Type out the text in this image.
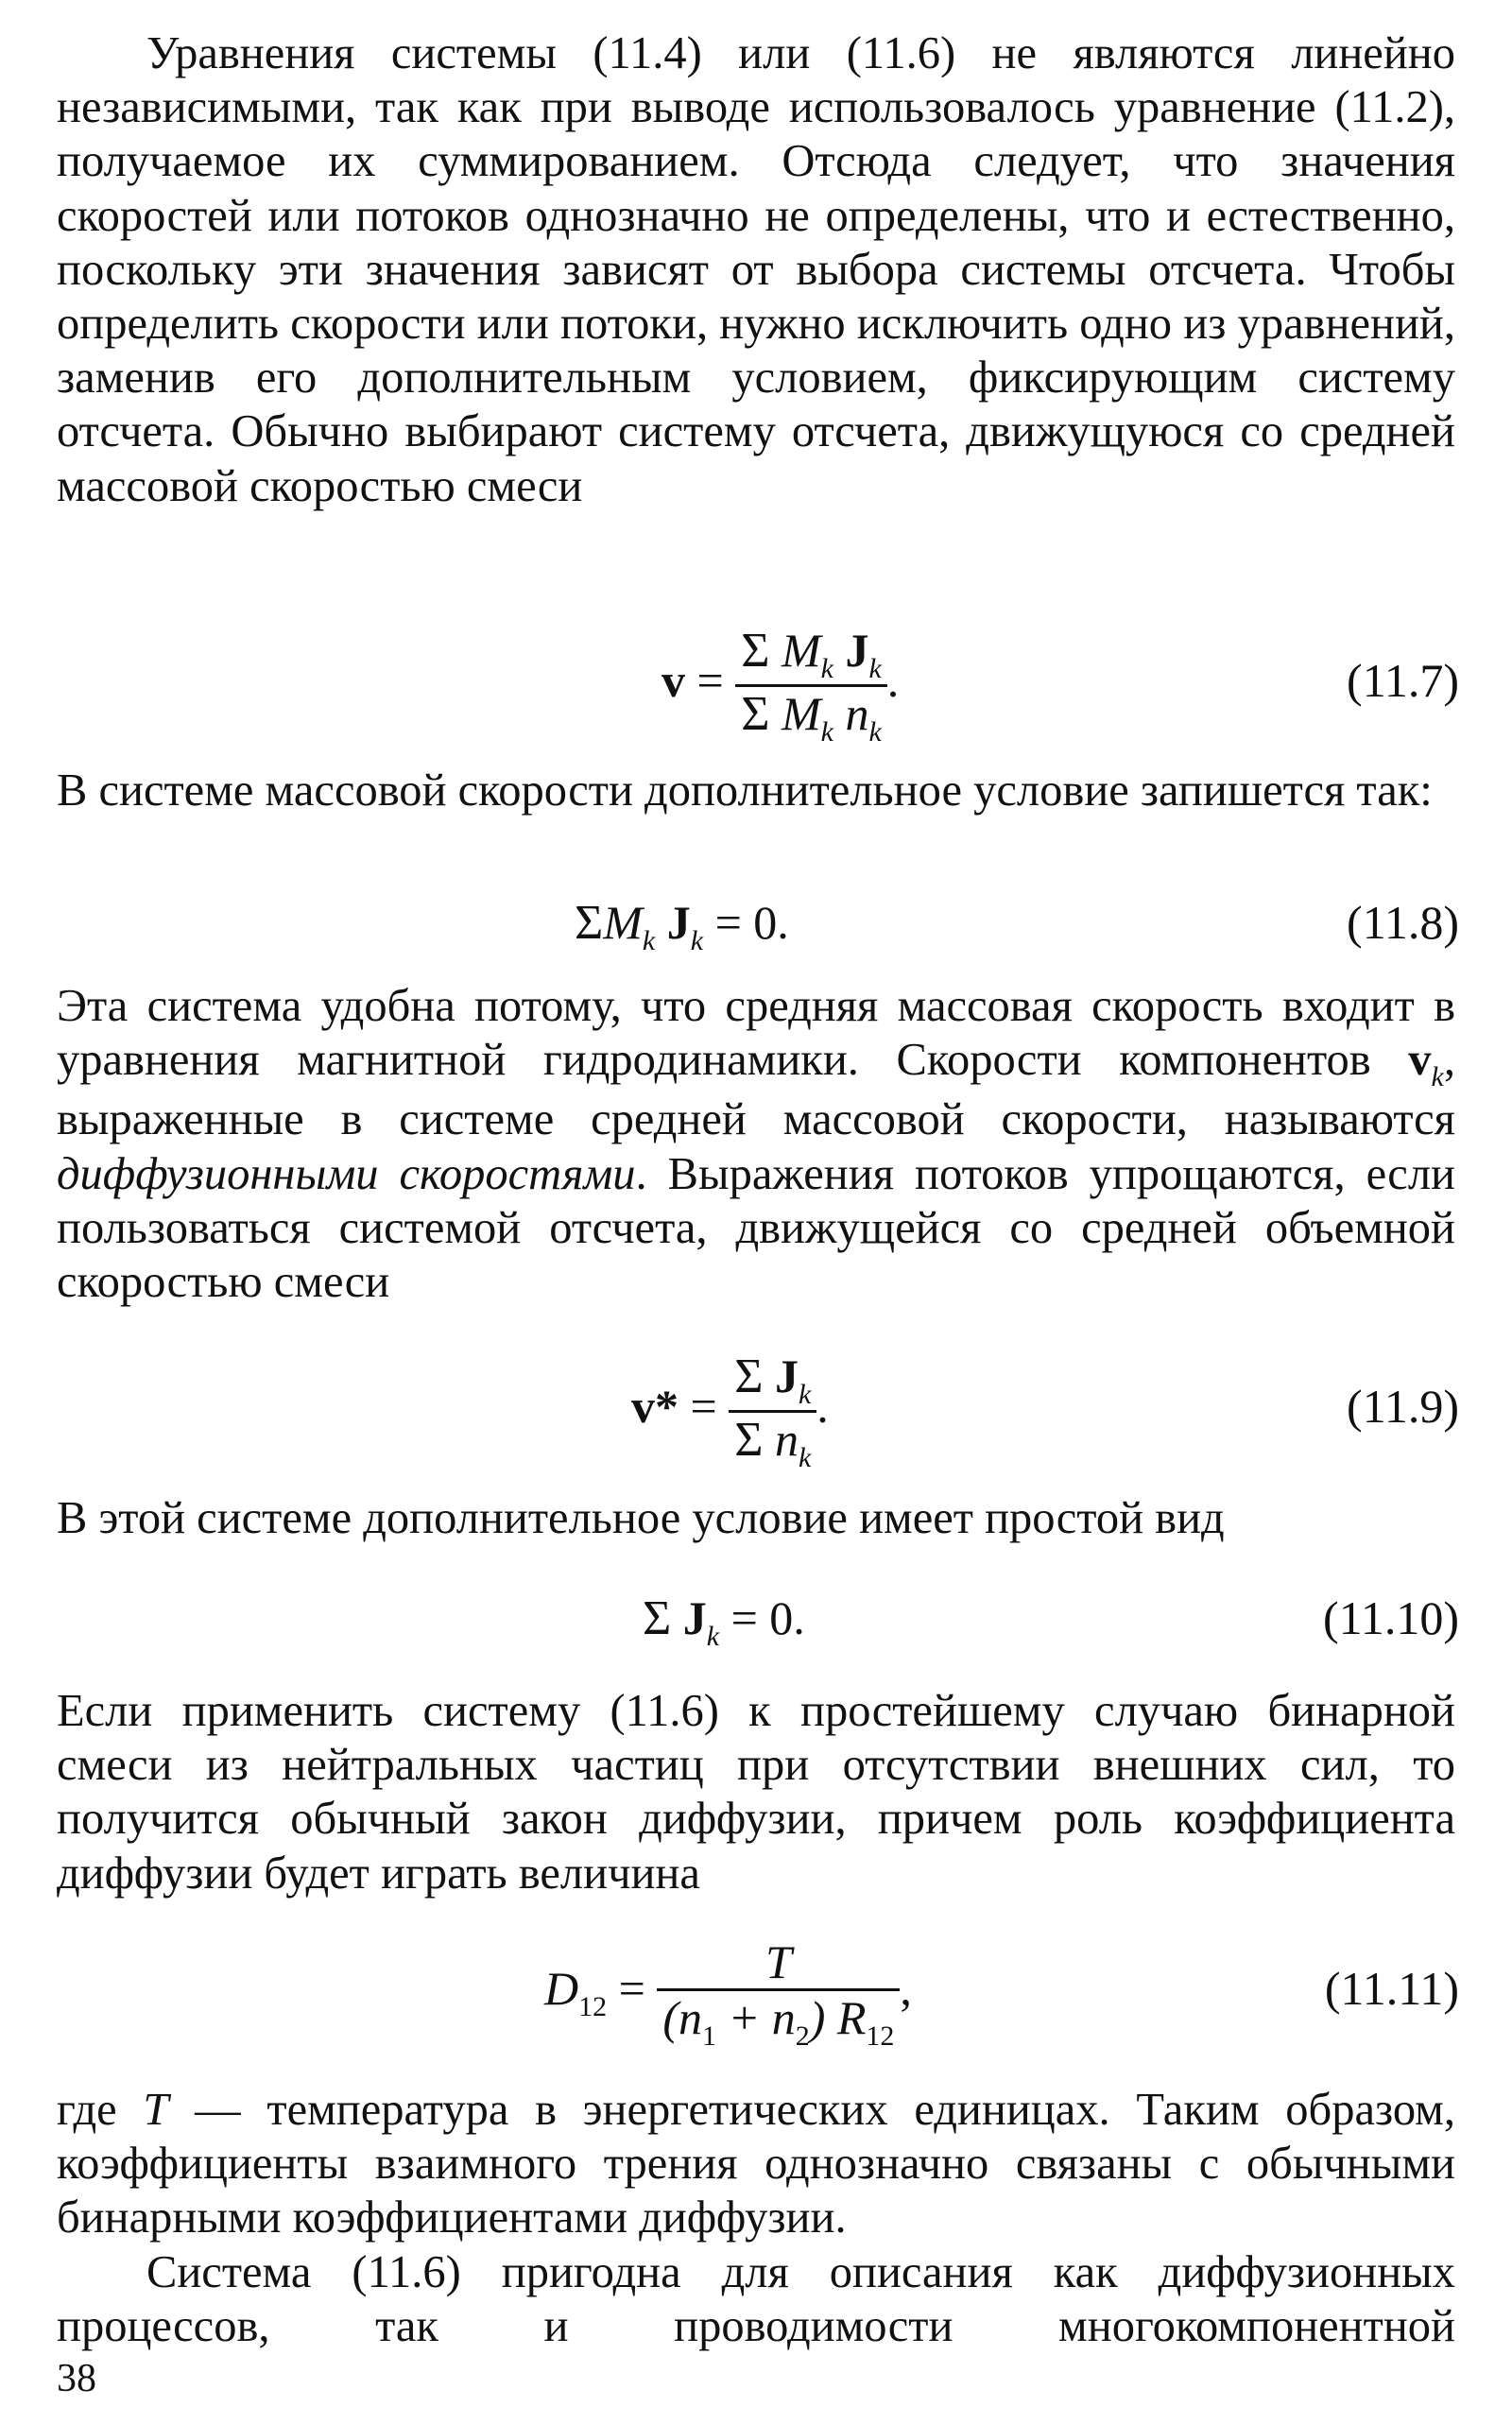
Уравнения системы (11.4) или (11.6) не являются линейно независимыми, так как при выводе использовалось уравнение (11.2), получаемое их суммированием. Отсюда следует, что значения скоростей или потоков однозначно не определены, что и естественно, поскольку эти значения зависят от выбора системы отсчета. Чтобы определить скорости или потоки, нужно исключить одно из уравнений, заменив его дополнительным условием, фиксирующим систему отсчета. Обычно выбирают систему отсчета, движущуюся со средней массовой скоростью смеси

$v = \frac{\Sigma M_k J_k}{\Sigma M_k n_k}$ .	(11.7)

В системе массовой скорости дополнительное условие запишется так:

$\Sigma M_k$ $J_k = 0$.	(11.8)

Эта система удобна потому, что средняя массовая скорость входит в уравнения магнитной гидродинамики. Скорости компонентов $v_k$, выраженные в системе средней массовой скорости, называются диффузионными скоростями. Выражения потоков упрощаются, если пользоваться системой отсчета, движущейся со средней объемной скоростью смеси

$v* = \frac{\Sigma J_k}{\Sigma n_k}$ .	(11.9)

В этой системе дополнительное условие имеет простой вид

Σ $J_k = 0$.	(11.10)

Если применить систему (11.6) к простейшему случаю бинарной смеси из нейтральных частиц при отсутствии внешних сил, то получится обычный закон диффузии, причем роль коэффициента диффузии будет играть величина

$D_{12} = \frac{T}{(n_1 + n_2) R_{12}}$ ,	(11.11)

где T — температура в энергетических единицах. Таким образом, коэффициенты взаимного трения однозначно связаны с обычными бинарными коэффициентами диффузии.

Система (11.6) пригодна для описания как диффузионных процессов, так и проводимости многокомпонентной

38
